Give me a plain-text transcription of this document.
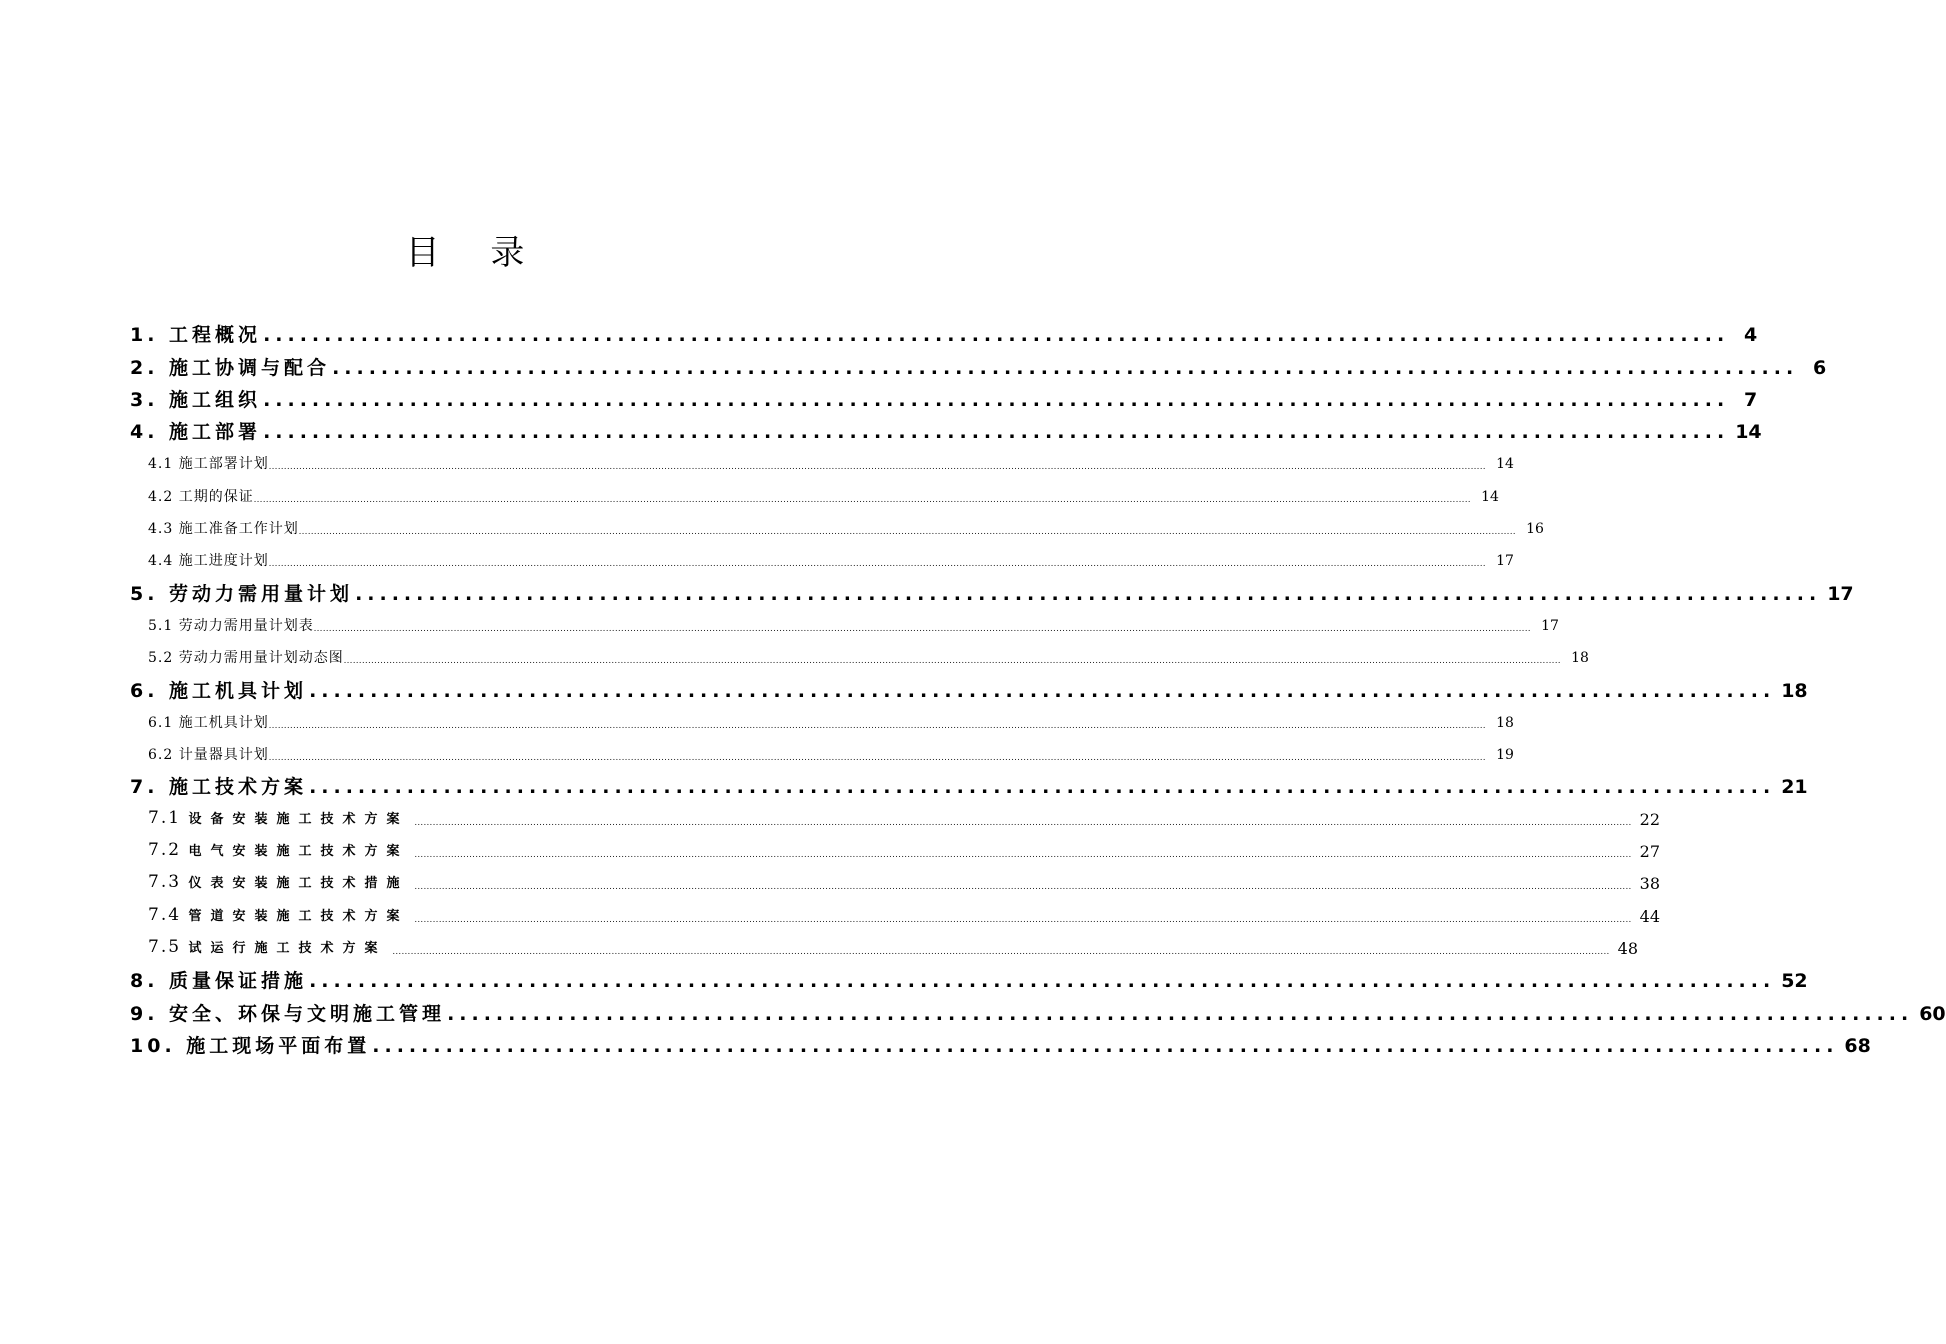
目 录
1. 工程概况 ........................................................................................................................ 4
2. 施工协调与配合 ........................................................................................................................ 6
3. 施工组织 ........................................................................................................................ 7
4. 施工部署 ........................................................................................................................ 14
4.1 施工部署计划 ................................................................................................................................................................................................................................................................................................................................................................................................................ 14
4.2 工期的保证 ................................................................................................................................................................................................................................................................................................................................................................................................................ 14
4.3 施工准备工作计划 ................................................................................................................................................................................................................................................................................................................................................................................................................ 16
4.4 施工进度计划 ................................................................................................................................................................................................................................................................................................................................................................................................................ 17
5. 劳动力需用量计划 ........................................................................................................................ 17
5.1 劳动力需用量计划表 ................................................................................................................................................................................................................................................................................................................................................................................................................ 17
5.2 劳动力需用量计划动态图 ................................................................................................................................................................................................................................................................................................................................................................................................................ 18
6. 施工机具计划 ........................................................................................................................ 18
6.1 施工机具计划 ................................................................................................................................................................................................................................................................................................................................................................................................................ 18
6.2 计量器具计划 ................................................................................................................................................................................................................................................................................................................................................................................................................ 19
7. 施工技术方案 ........................................................................................................................ 21
7.1 设备安装施工技术方案 ................................................................................................................................................................................................................................................................................................................................................................................................................ 22
7.2 电气安装施工技术方案 ................................................................................................................................................................................................................................................................................................................................................................................................................ 27
7.3 仪表安装施工技术措施 ................................................................................................................................................................................................................................................................................................................................................................................................................ 38
7.4 管道安装施工技术方案 ................................................................................................................................................................................................................................................................................................................................................................................................................ 44
7.5 试运行施工技术方案 ................................................................................................................................................................................................................................................................................................................................................................................................................ 48
8. 质量保证措施 ........................................................................................................................ 52
9. 安全、环保与文明施工管理 ........................................................................................................................ 60
10. 施工现场平面布置 ........................................................................................................................ 68
